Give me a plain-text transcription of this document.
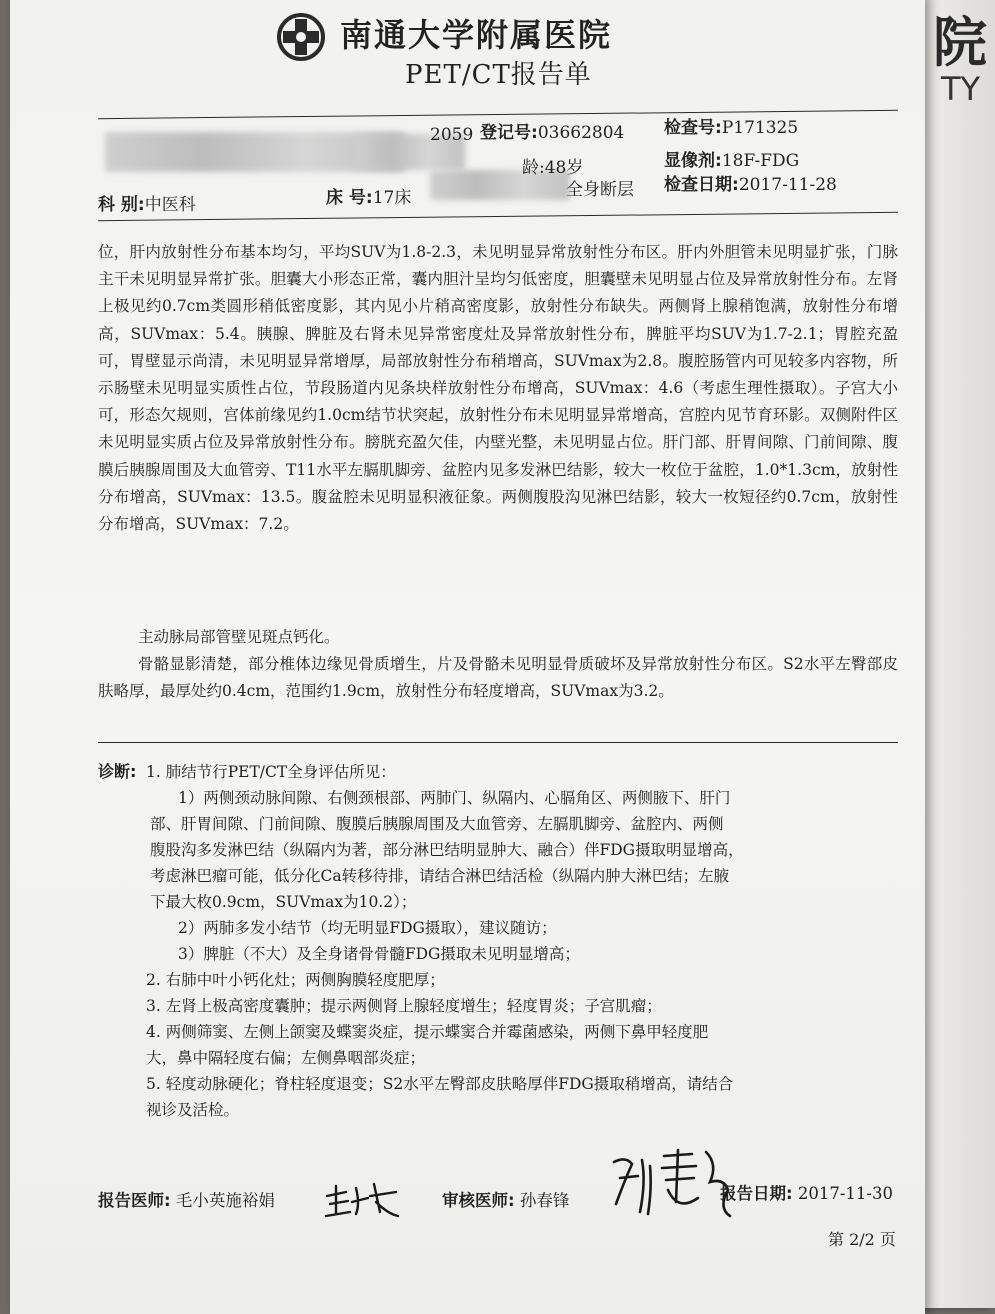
院
TY
南通大学附属医院
PET/CT报告单
2059 登记号:03662804 检查号:P171325
龄:48岁	显像剂:18F-FDG
科 别:中医科	床 号:17床	全身断层 检查日期:2017-11-28

位，肝内放射性分布基本均匀，平均SUV为1.8-2.3，未见明显异常放射性分布区。肝内外胆管未见明显扩张，门脉主干未见明显异常扩张。胆囊大小形态正常，囊内胆汁呈均匀低密度，胆囊壁未见明显占位及异常放射性分布。左肾上极见约0.7cm类圆形稍低密度影，其内见小片稍高密度影，放射性分布缺失。两侧肾上腺稍饱满，放射性分布增高，SUVmax：5.4。胰腺、脾脏及右肾未见异常密度灶及异常放射性分布，脾脏平均SUV为1.7-2.1；胃腔充盈可，胃壁显示尚清，未见明显异常增厚，局部放射性分布稍增高，SUVmax为2.8。腹腔肠管内可见较多内容物，所示肠壁未见明显实质性占位，节段肠道内见条块样放射性分布增高，SUVmax：4.6（考虑生理性摄取）。子宫大小可，形态欠规则，宫体前缘见约1.0cm结节状突起，放射性分布未见明显异常增高，宫腔内见节育环影。双侧附件区未见明显实质占位及异常放射性分布。膀胱充盈欠佳，内壁光整，未见明显占位。肝门部、肝胃间隙、门前间隙、腹膜后胰腺周围及大血管旁、T11水平左膈肌脚旁、盆腔内见多发淋巴结影，较大一枚位于盆腔，1.0*1.3cm，放射性分布增高，SUVmax：13.5。腹盆腔未见明显积液征象。两侧腹股沟见淋巴结影，较大一枚短径约0.7cm，放射性分布增高，SUVmax：7.2。

主动脉局部管壁见斑点钙化。

骨骼显影清楚，部分椎体边缘见骨质增生，片及骨骼未见明显骨质破坏及异常放射性分布区。S2水平左臀部皮肤略厚，最厚处约0.4cm，范围约1.9cm，放射性分布轻度增高，SUVmax为3.2。

诊断: 1. 肺结节行PET/CT全身评估所见：

1）两侧颈动脉间隙、右侧颈根部、两肺门、纵隔内、心膈角区、两侧腋下、肝门

部、肝胃间隙、门前间隙、腹膜后胰腺周围及大血管旁、左膈肌脚旁、盆腔内、两侧

腹股沟多发淋巴结（纵隔内为著，部分淋巴结明显肿大、融合）伴FDG摄取明显增高，

考虑淋巴瘤可能，低分化Ca转移待排，请结合淋巴结活检（纵隔内肿大淋巴结；左腋

下最大枚0.9cm，SUVmax为10.2）；

2）两肺多发小结节（均无明显FDG摄取），建议随访；

3）脾脏（不大）及全身诸骨骨髓FDG摄取未见明显增高；

2. 右肺中叶小钙化灶；两侧胸膜轻度肥厚；

3. 左肾上极高密度囊肿；提示两侧肾上腺轻度增生；轻度胃炎；子宫肌瘤；

4. 两侧筛窦、左侧上颌窦及蝶窦炎症，提示蝶窦合并霉菌感染，两侧下鼻甲轻度肥

大，鼻中隔轻度右偏；左侧鼻咽部炎症；

5. 轻度动脉硬化；脊柱轻度退变；S2水平左臀部皮肤略厚伴FDG摄取稍增高，请结合

视诊及活检。

报告医师: 毛小英施裕娟	审核医师: 孙春锋	报告日期: 2017-11-30
第 2/2 页
